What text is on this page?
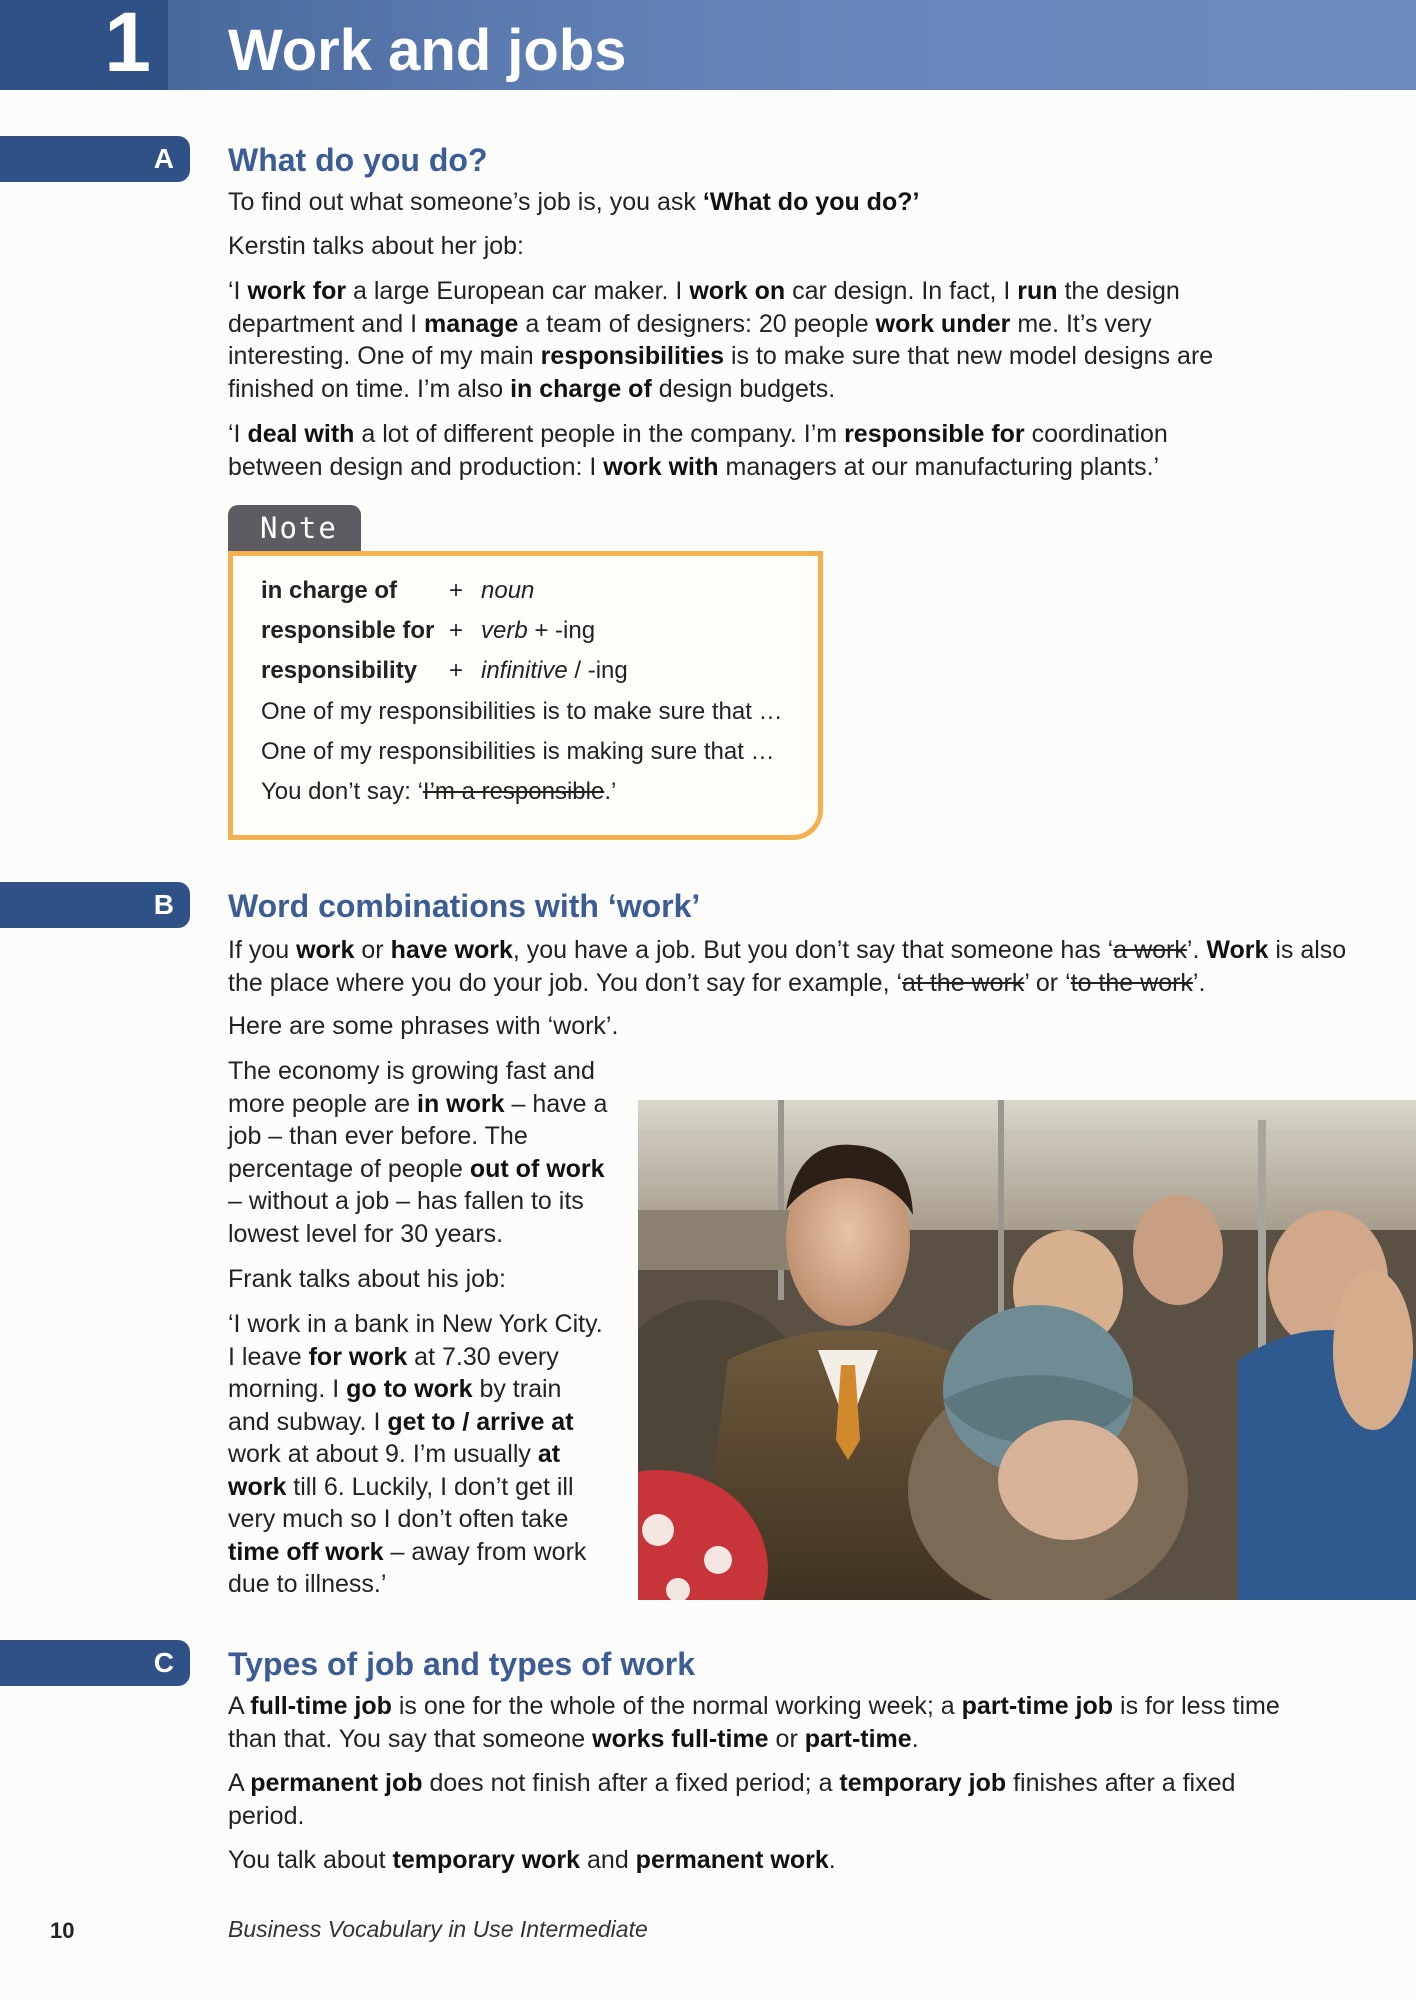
1 Work and jobs
A What do you do?

To find out what someone’s job is, you ask ‘What do you do?’

Kerstin talks about her job:

‘I work for a large European car maker. I work on car design. In fact, I run the design department and I manage a team of designers: 20 people work under me. It’s very interesting. One of my main responsibilities is to make sure that new model designs are finished on time. I’m also in charge of design budgets.

‘I deal with a lot of different people in the company. I’m responsible for coordination between design and production: I work with managers at our manufacturing plants.’

Note
in charge of + noun
responsible for + verb + -ing
responsibility + infinitive / -ing
One of my responsibilities is to make sure that …
One of my responsibilities is making sure that …
You don’t say: ‘I’m a responsible.’
B Word combinations with ‘work’

If you work or have work, you have a job. But you don’t say that someone has ‘a work’. Work is also the place where you do your job. You don’t say for example, ‘at the work’ or ‘to the work’.

Here are some phrases with ‘work’.

The economy is growing fast and more people are in work – have a job – than ever before. The percentage of people out of work – without a job – has fallen to its lowest level for 30 years.

Frank talks about his job:

‘I work in a bank in New York City. I leave for work at 7.30 every morning. I go to work by train and subway. I get to / arrive at work at about 9. I’m usually at work till 6. Luckily, I don’t get ill very much so I don’t often take time off work – away from work due to illness.’

C Types of job and types of work

A full-time job is one for the whole of the normal working week; a part-time job is for less time than that. You say that someone works full-time or part-time.

A permanent job does not finish after a fixed period; a temporary job finishes after a fixed period.

You talk about temporary work and permanent work.

10	Business Vocabulary in Use Intermediate
